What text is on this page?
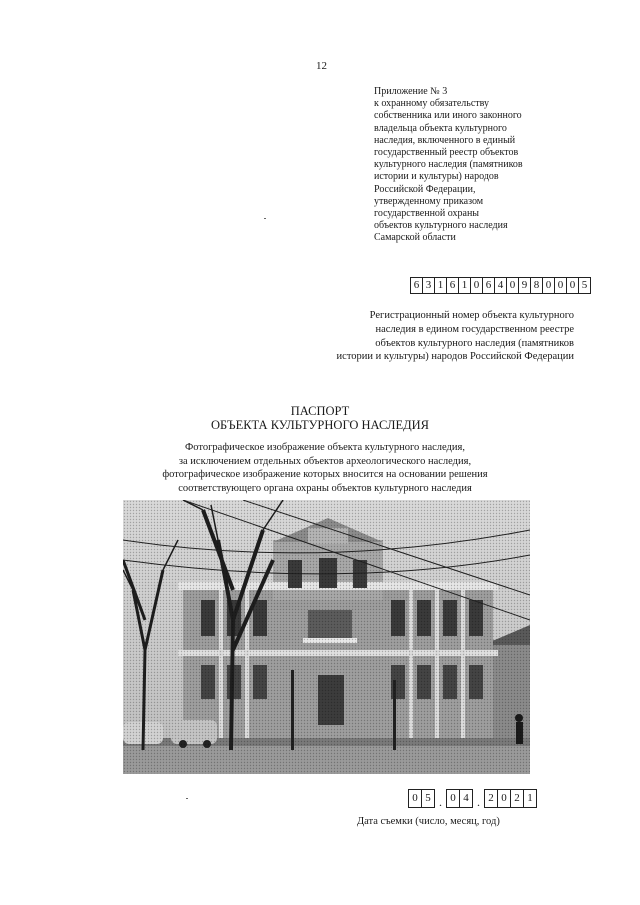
12
Приложение № 3
к охранному обязательству
собственника или иного законного
владельца объекта культурного
наследия, включенного в единый
государственный реестр объектов
культурного наследия (памятников
истории и культуры) народов
Российской Федерации,
утвержденному приказом
государственной охраны
объектов культурного наследия
Самарской области
6 3 1 6 1 0 6 4 0 9 8 0 0 0 5
Регистрационный номер объекта культурного
наследия в едином государственном реестре
объектов культурного наследия (памятников
истории и культуры) народов Российской Федерации
ПАСПОРТ
ОБЪЕКТА КУЛЬТУРНОГО НАСЛЕДИЯ
Фотографическое изображение объекта культурного наследия,
за исключением отдельных объектов археологического наследия,
фотографическое изображение которых вносится на основании решения
соответствующего органа охраны объектов культурного наследия
0 5 . 0 4 . 2 0 2 1
Дата съемки (число, месяц, год)
